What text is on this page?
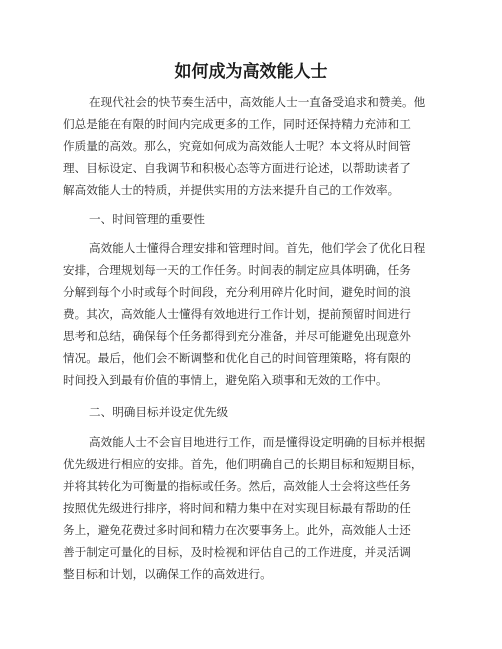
如何成为高效能人士
在现代社会的快节奏生活中，高效能人士一直备受追求和赞美。他
们总是能在有限的时间内完成更多的工作，同时还保持精力充沛和工
作质量的高效。那么，究竟如何成为高效能人士呢？本文将从时间管
理、目标设定、自我调节和积极心态等方面进行论述，以帮助读者了
解高效能人士的特质，并提供实用的方法来提升自己的工作效率。
一、时间管理的重要性
高效能人士懂得合理安排和管理时间。首先，他们学会了优化日程
安排，合理规划每一天的工作任务。时间表的制定应具体明确，任务
分解到每个小时或每个时间段，充分利用碎片化时间，避免时间的浪
费。其次，高效能人士懂得有效地进行工作计划，提前预留时间进行
思考和总结，确保每个任务都得到充分准备，并尽可能避免出现意外
情况。最后，他们会不断调整和优化自己的时间管理策略，将有限的
时间投入到最有价值的事情上，避免陷入琐事和无效的工作中。
二、明确目标并设定优先级
高效能人士不会盲目地进行工作，而是懂得设定明确的目标并根据
优先级进行相应的安排。首先，他们明确自己的长期目标和短期目标，
并将其转化为可衡量的指标或任务。然后，高效能人士会将这些任务
按照优先级进行排序，将时间和精力集中在对实现目标最有帮助的任
务上，避免花费过多时间和精力在次要事务上。此外，高效能人士还
善于制定可量化的目标，及时检视和评估自己的工作进度，并灵活调
整目标和计划，以确保工作的高效进行。
